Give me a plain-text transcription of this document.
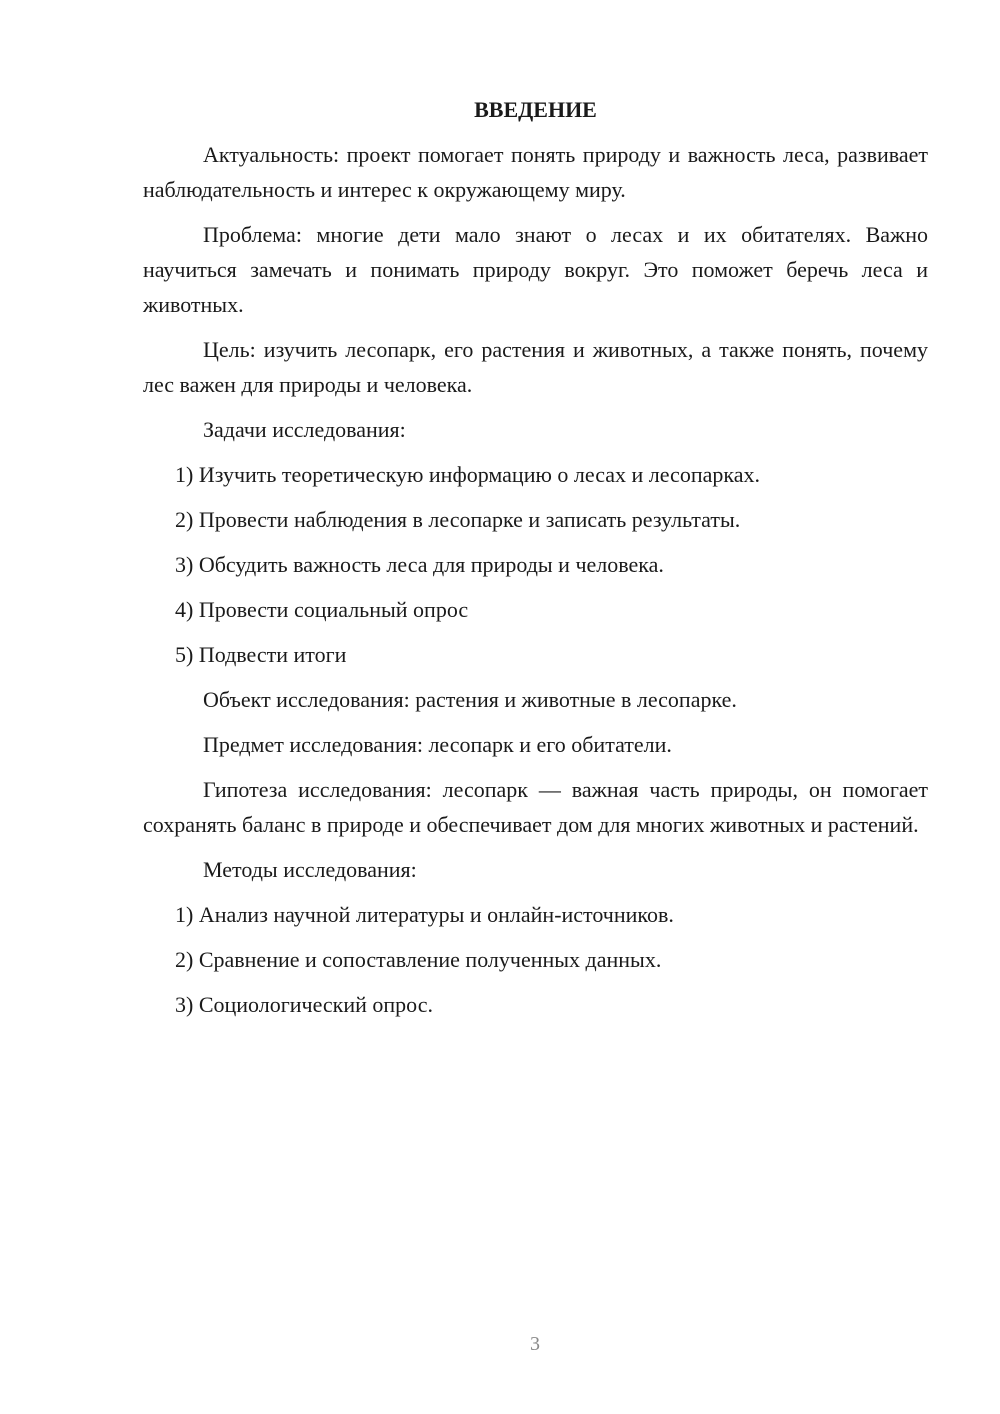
ВВЕДЕНИЕ
Актуальность: проект помогает понять природу и важность леса, развивает наблюдательность и интерес к окружающему миру.
Проблема: многие дети мало знают о лесах и их обитателях. Важно научиться замечать и понимать природу вокруг. Это поможет беречь леса и животных.
Цель: изучить лесопарк, его растения и животных, а также понять, почему лес важен для природы и человека.
Задачи исследования:
1) Изучить теоретическую информацию о лесах и лесопарках.
2) Провести наблюдения в лесопарке и записать результаты.
3) Обсудить важность леса для природы и человека.
4) Провести социальный опрос
5) Подвести итоги
Объект исследования: растения и животные в лесопарке.
Предмет исследования: лесопарк и его обитатели.
Гипотеза исследования: лесопарк — важная часть природы, он помогает сохранять баланс в природе и обеспечивает дом для многих животных и растений.
Методы исследования:
1) Анализ научной литературы и онлайн-источников.
2) Сравнение и сопоставление полученных данных.
3) Социологический опрос.
3
